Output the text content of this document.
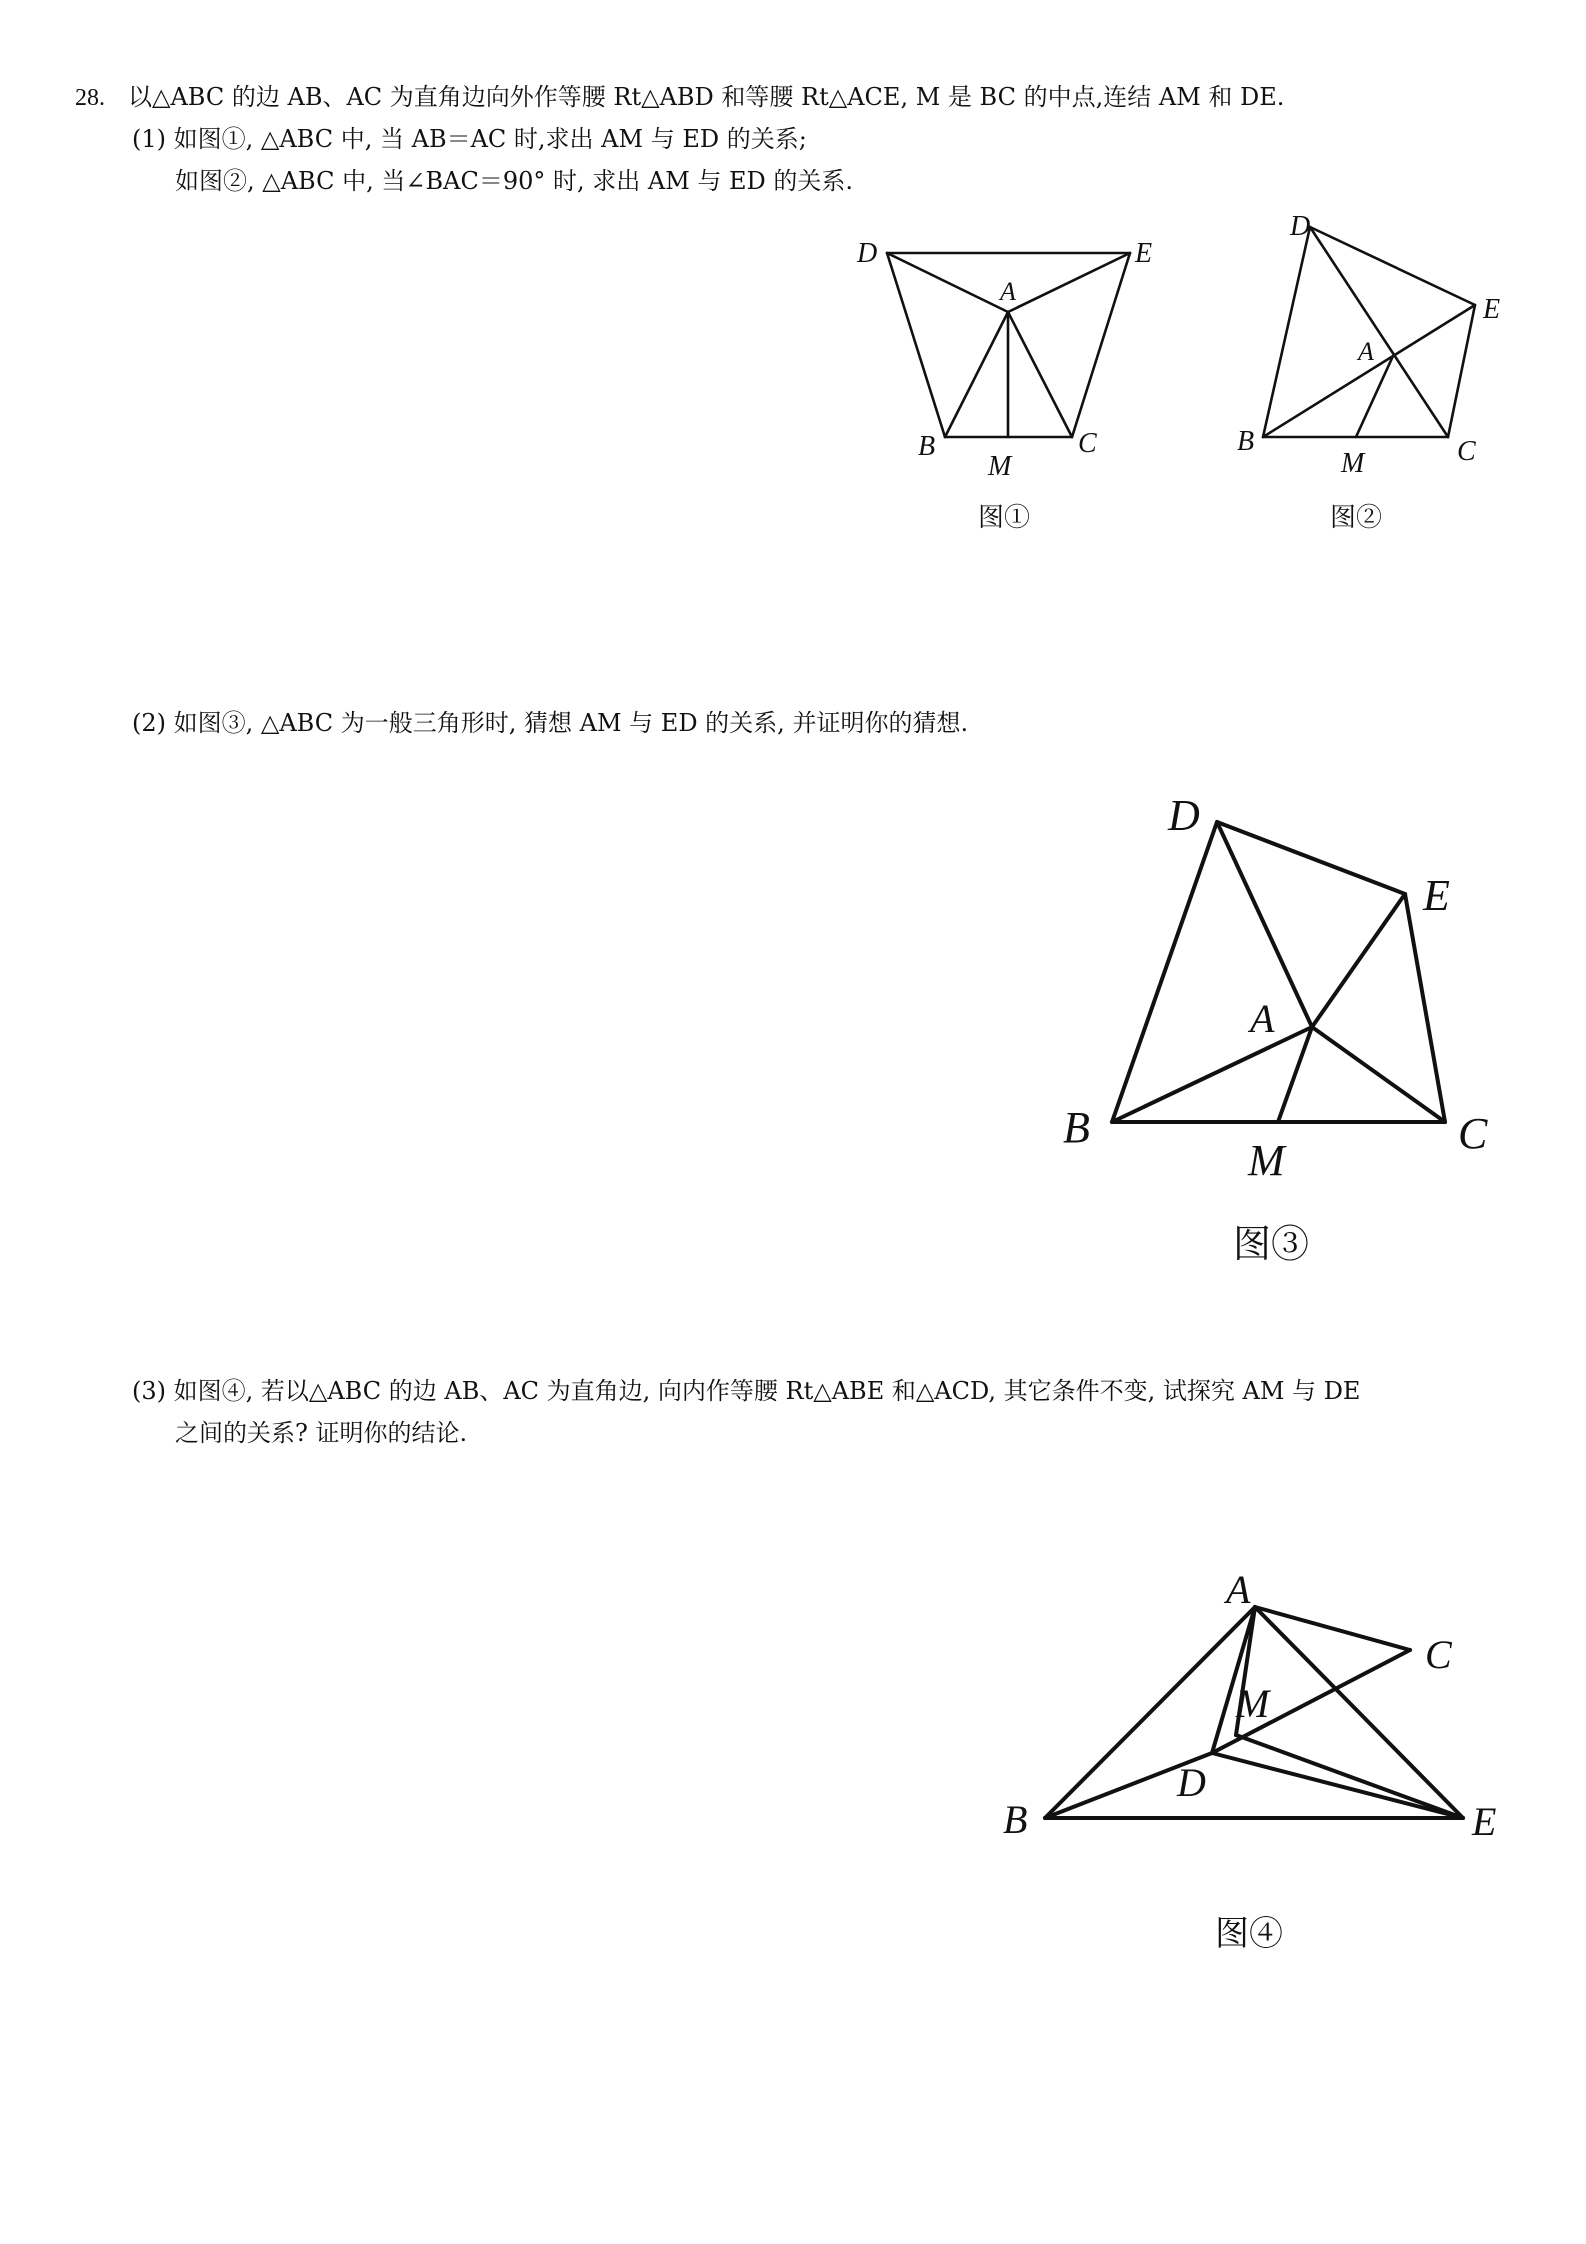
28. 以△ABC 的边 AB、AC 为直角边向外作等腰 Rt△ABD 和等腰 Rt△ACE, M 是 BC 的中点,连结 AM 和 DE.
(1) 如图①, △ABC 中, 当 AB＝AC 时,求出 AM 与 ED 的关系;
如图②, △ABC 中, 当∠BAC＝90° 时, 求出 AM 与 ED 的关系.
(2) 如图③, △ABC 为一般三角形时, 猜想 AM 与 ED 的关系, 并证明你的猜想.
(3) 如图④, 若以△ABC 的边 AB、AC 为直角边, 向内作等腰 Rt△ABE 和△ACD, 其它条件不变, 试探究 AM 与 DE
之间的关系? 证明你的结论.
D	E
A
B	C
M
D
E
A
B	C
M
D
E
A
B	C
M
A
C
M
D
B	E
图①	图②
图③
图④
